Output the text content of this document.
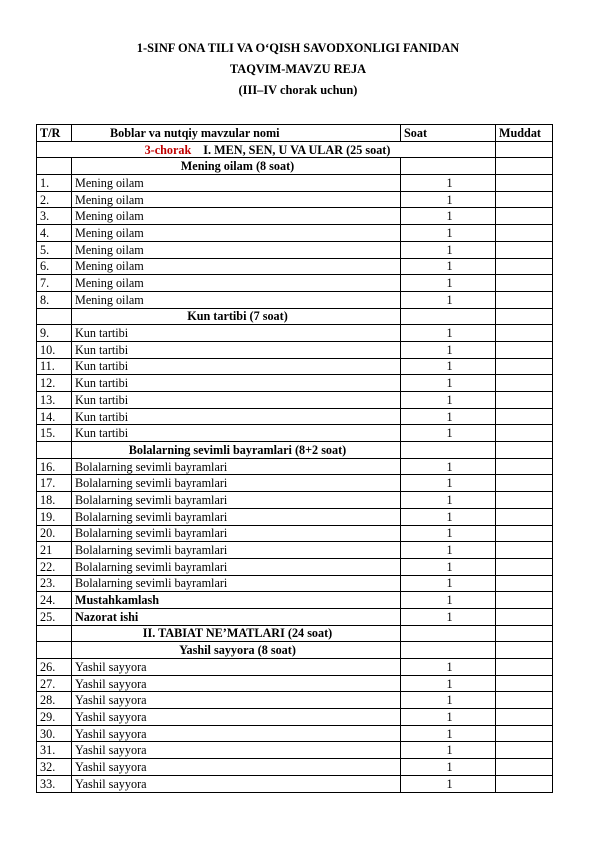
1-SINF ONA TILI VA O‘QISH SAVODXONLIGI FANIDAN
TAQVIM-MAVZU REJA
(III–IV chorak uchun)
T/R	Boblar va nutqiy mavzular nomi	Soat	Muddat
3-chorak I. MEN, SEN, U VA ULAR (25 soat)			
	Mening oilam (8 soat)		
1.	Mening oilam	1	
2.	Mening oilam	1	
3.	Mening oilam	1	
4.	Mening oilam	1	
5.	Mening oilam	1	
6.	Mening oilam	1	
7.	Mening oilam	1	
8.	Mening oilam	1	
	Kun tartibi (7 soat)		
9.	Kun tartibi	1	
10.	Kun tartibi	1	
11.	Kun tartibi	1	
12.	Kun tartibi	1	
13.	Kun tartibi	1	
14.	Kun tartibi	1	
15.	Kun tartibi	1	
	Bolalarning sevimli bayramlari (8+2 soat)		
16.	Bolalarning sevimli bayramlari	1	
17.	Bolalarning sevimli bayramlari	1	
18.	Bolalarning sevimli bayramlari	1	
19.	Bolalarning sevimli bayramlari	1	
20.	Bolalarning sevimli bayramlari	1	
21	Bolalarning sevimli bayramlari	1	
22.	Bolalarning sevimli bayramlari	1	
23.	Bolalarning sevimli bayramlari	1	
24.	Mustahkamlash	1	
25.	Nazorat ishi	1	
	II. TABIAT NE’MATLARI (24 soat)		
	Yashil sayyora (8 soat)		
26.	Yashil sayyora	1	
27.	Yashil sayyora	1	
28.	Yashil sayyora	1	
29.	Yashil sayyora	1	
30.	Yashil sayyora	1	
31.	Yashil sayyora	1	
32.	Yashil sayyora	1	
33.	Yashil sayyora	1	
